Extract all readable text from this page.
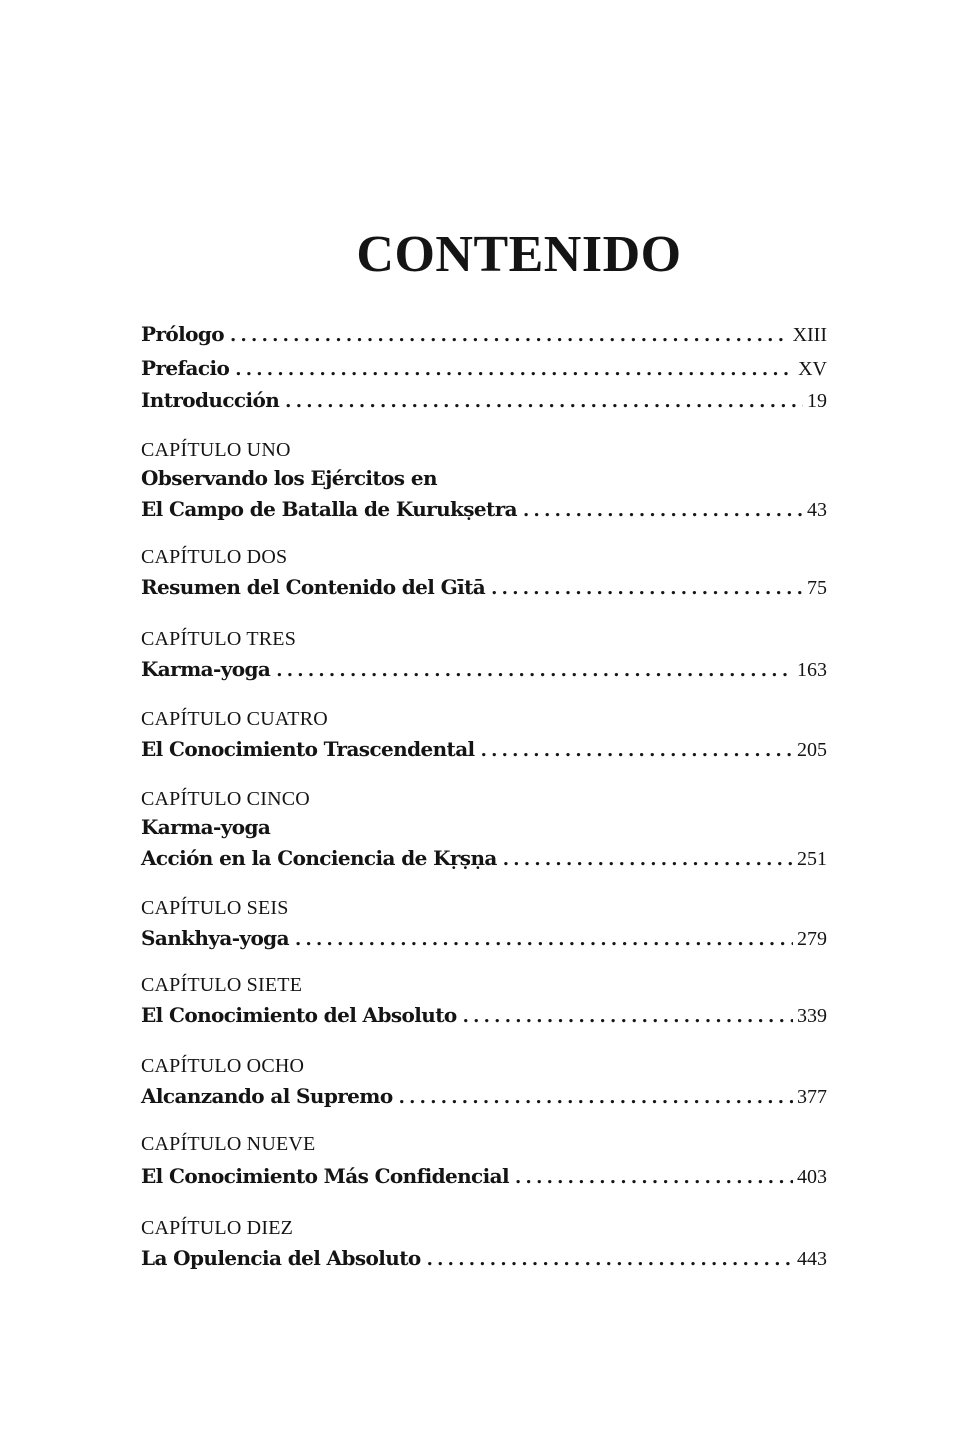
CONTENIDO
Prólogo . . .	XIII
Prefacio . . .	XV
Introducción . . .	19
CAPÍTULO UNO
Observando los Ejércitos en
El Campo de Batalla de Kurukṣetra . . .	43
CAPÍTULO DOS
Resumen del Contenido del Gītā . . .	75
CAPÍTULO TRES
Karma-yoga . . .	163
CAPÍTULO CUATRO
El Conocimiento Trascendental . . .	205
CAPÍTULO CINCO
Karma-yoga
Acción en la Conciencia de Kṛṣṇa . . .	251
CAPÍTULO SEIS
Sankhya-yoga . . .	279
CAPÍTULO SIETE
El Conocimiento del Absoluto . . .	339
CAPÍTULO OCHO
Alcanzando al Supremo . . .	377
CAPÍTULO NUEVE
El Conocimiento Más Confidencial . . .	403
CAPÍTULO DIEZ
La Opulencia del Absoluto . . .	443
